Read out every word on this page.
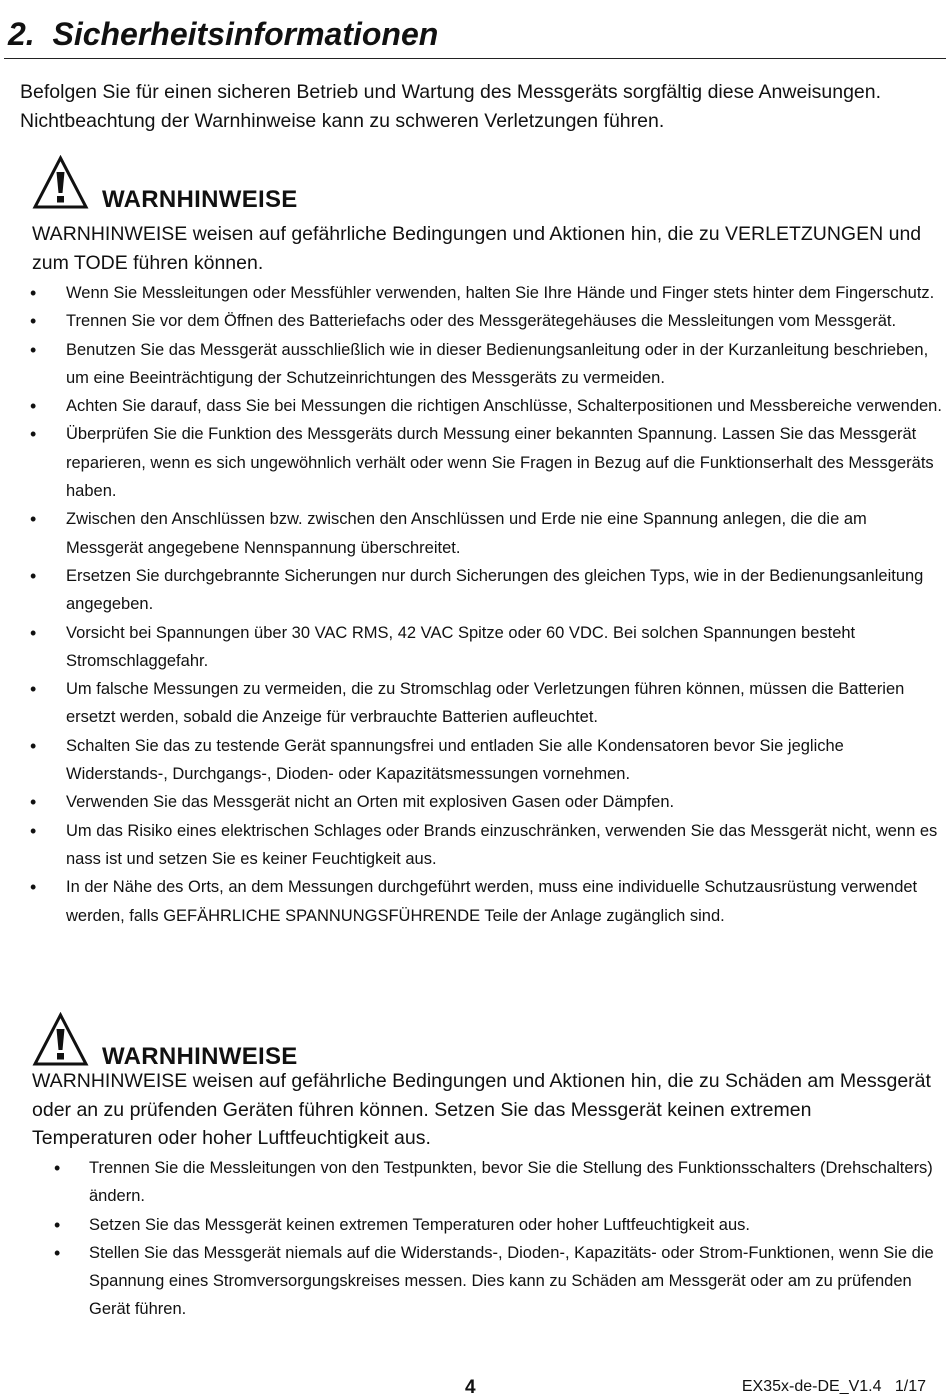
2. Sicherheitsinformationen

Befolgen Sie für einen sicheren Betrieb und Wartung des Messgeräts sorgfältig diese Anweisungen. Nichtbeachtung der Warnhinweise kann zu schweren Verletzungen führen.

WARNHINWEISE

WARNHINWEISE weisen auf gefährliche Bedingungen und Aktionen hin, die zu VERLETZUNGEN und zum TODE führen können.

• Wenn Sie Messleitungen oder Messfühler verwenden, halten Sie Ihre Hände und Finger stets hinter dem Fingerschutz.
• Trennen Sie vor dem Öffnen des Batteriefachs oder des Messgerätegehäuses die Messleitungen vom Messgerät.
• Benutzen Sie das Messgerät ausschließlich wie in dieser Bedienungsanleitung oder in der Kurzanleitung beschrieben, um eine Beeinträchtigung der Schutzeinrichtungen des Messgeräts zu vermeiden.
• Achten Sie darauf, dass Sie bei Messungen die richtigen Anschlüsse, Schalterpositionen und Messbereiche verwenden.
• Überprüfen Sie die Funktion des Messgeräts durch Messung einer bekannten Spannung. Lassen Sie das Messgerät reparieren, wenn es sich ungewöhnlich verhält oder wenn Sie Fragen in Bezug auf die Funktionserhalt des Messgeräts haben.
• Zwischen den Anschlüssen bzw. zwischen den Anschlüssen und Erde nie eine Spannung anlegen, die die am Messgerät angegebene Nennspannung überschreitet.
• Ersetzen Sie durchgebrannte Sicherungen nur durch Sicherungen des gleichen Typs, wie in der Bedienungsanleitung angegeben.
• Vorsicht bei Spannungen über 30 VAC RMS, 42 VAC Spitze oder 60 VDC. Bei solchen Spannungen besteht Stromschlaggefahr.
• Um falsche Messungen zu vermeiden, die zu Stromschlag oder Verletzungen führen können, müssen die Batterien ersetzt werden, sobald die Anzeige für verbrauchte Batterien aufleuchtet.
• Schalten Sie das zu testende Gerät spannungsfrei und entladen Sie alle Kondensatoren bevor Sie jegliche Widerstands-, Durchgangs-, Dioden- oder Kapazitätsmessungen vornehmen.
• Verwenden Sie das Messgerät nicht an Orten mit explosiven Gasen oder Dämpfen.
• Um das Risiko eines elektrischen Schlages oder Brands einzuschränken, verwenden Sie das Messgerät nicht, wenn es nass ist und setzen Sie es keiner Feuchtigkeit aus.
• In der Nähe des Orts, an dem Messungen durchgeführt werden, muss eine individuelle Schutzausrüstung verwendet werden, falls GEFÄHRLICHE SPANNUNGSFÜHRENDE Teile der Anlage zugänglich sind.
WARNHINWEISE

WARNHINWEISE weisen auf gefährliche Bedingungen und Aktionen hin, die zu Schäden am Messgerät oder an zu prüfenden Geräten führen können. Setzen Sie das Messgerät keinen extremen Temperaturen oder hoher Luftfeuchtigkeit aus.

• Trennen Sie die Messleitungen von den Testpunkten, bevor Sie die Stellung des Funktionsschalters (Drehschalters) ändern.
• Setzen Sie das Messgerät keinen extremen Temperaturen oder hoher Luftfeuchtigkeit aus.
• Stellen Sie das Messgerät niemals auf die Widerstands-, Dioden-, Kapazitäts- oder Strom-Funktionen, wenn Sie die Spannung eines Stromversorgungskreises messen. Dies kann zu Schäden am Messgerät oder am zu prüfenden Gerät führen.
4	EX35x-de-DE_V1.4 1/17
